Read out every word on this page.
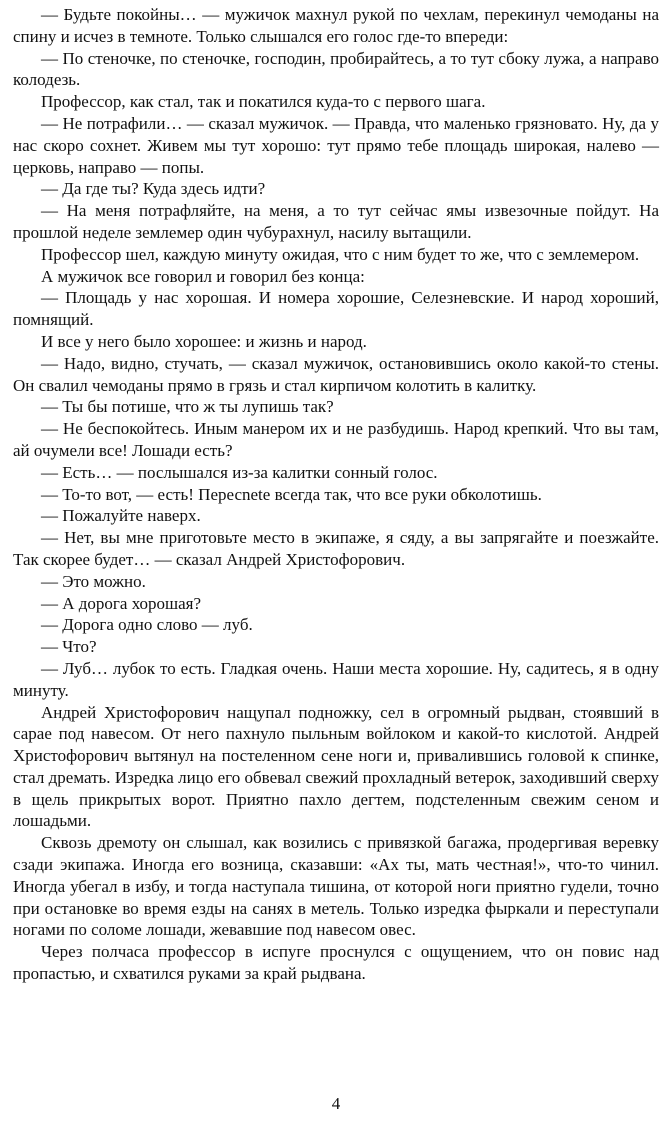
— Будьте покойны… — мужичок махнул рукой по чехлам, перекинул чемоданы на спину и исчез в темноте. Только слышался его голос где-то впереди:

— По стеночке, по стеночке, господин, пробирайтесь, а то тут сбоку лужа, а направо колодезь.

Профессор, как стал, так и покатился куда-то с первого шага.

— Не потрафили… — сказал мужичок. — Правда, что маленько грязновато. Ну, да у нас скоро сохнет. Живем мы тут хорошо: тут прямо тебе площадь широкая, налево — церковь, направо — попы.

— Да где ты? Куда здесь идти?

— На меня потрафляйте, на меня, а то тут сейчас ямы извезочные пойдут. На прошлой неделе землемер один чубурахнул, насилу вытащили.

Профессор шел, каждую минуту ожидая, что с ним будет то же, что с землемером.

А мужичок все говорил и говорил без конца:

— Площадь у нас хорошая. И номера хорошие, Селезневские. И народ хороший, помнящий.

И все у него было хорошее: и жизнь и народ.

— Надо, видно, стучать, — сказал мужичок, остановившись около какой-то стены. Он свалил чемоданы прямо в грязь и стал кирпичом колотить в калитку.

— Ты бы потише, что ж ты лупишь так?

— Не беспокойтесь. Иным манером их и не разбудишь. Народ крепкий. Что вы там, ай очумели все! Лошади есть?

— Есть… — послышался из-за калитки сонный голос.

— То-то вот, — есть! Пересnete всегда так, что все руки обколотишь.

— Пожалуйте наверх.

— Нет, вы мне приготовьте место в экипаже, я сяду, а вы запрягайте и поезжайте. Так скорее будет… — сказал Андрей Христофорович.

— Это можно.

— А дорога хорошая?

— Дорога одно слово — луб.

— Что?

— Луб… лубок то есть. Гладкая очень. Наши места хорошие. Ну, садитесь, я в одну минуту.

Андрей Христофорович нащупал подножку, сел в огромный рыдван, стоявший в сарае под навесом. От него пахнуло пыльным войлоком и какой-то кислотой. Андрей Христофорович вытянул на постеленном сене ноги и, привалившись головой к спинке, стал дремать. Изредка лицо его обвевал свежий прохладный ветерок, заходивший сверху в щель прикрытых ворот. Приятно пахло дегтем, подстеленным свежим сеном и лошадьми.

Сквозь дремоту он слышал, как возились с привязкой багажа, продергивая веревку сзади экипажа. Иногда его возница, сказавши: «Ах ты, мать честная!», что-то чинил. Иногда убегал в избу, и тогда наступала тишина, от которой ноги приятно гудели, точно при остановке во время езды на санях в метель. Только изредка фыркали и переступали ногами по соломе лошади, жевавшие под навесом овес.

Через полчаса профессор в испуге проснулся с ощущением, что он повис над пропастью, и схватился руками за край рыдвана.

4
